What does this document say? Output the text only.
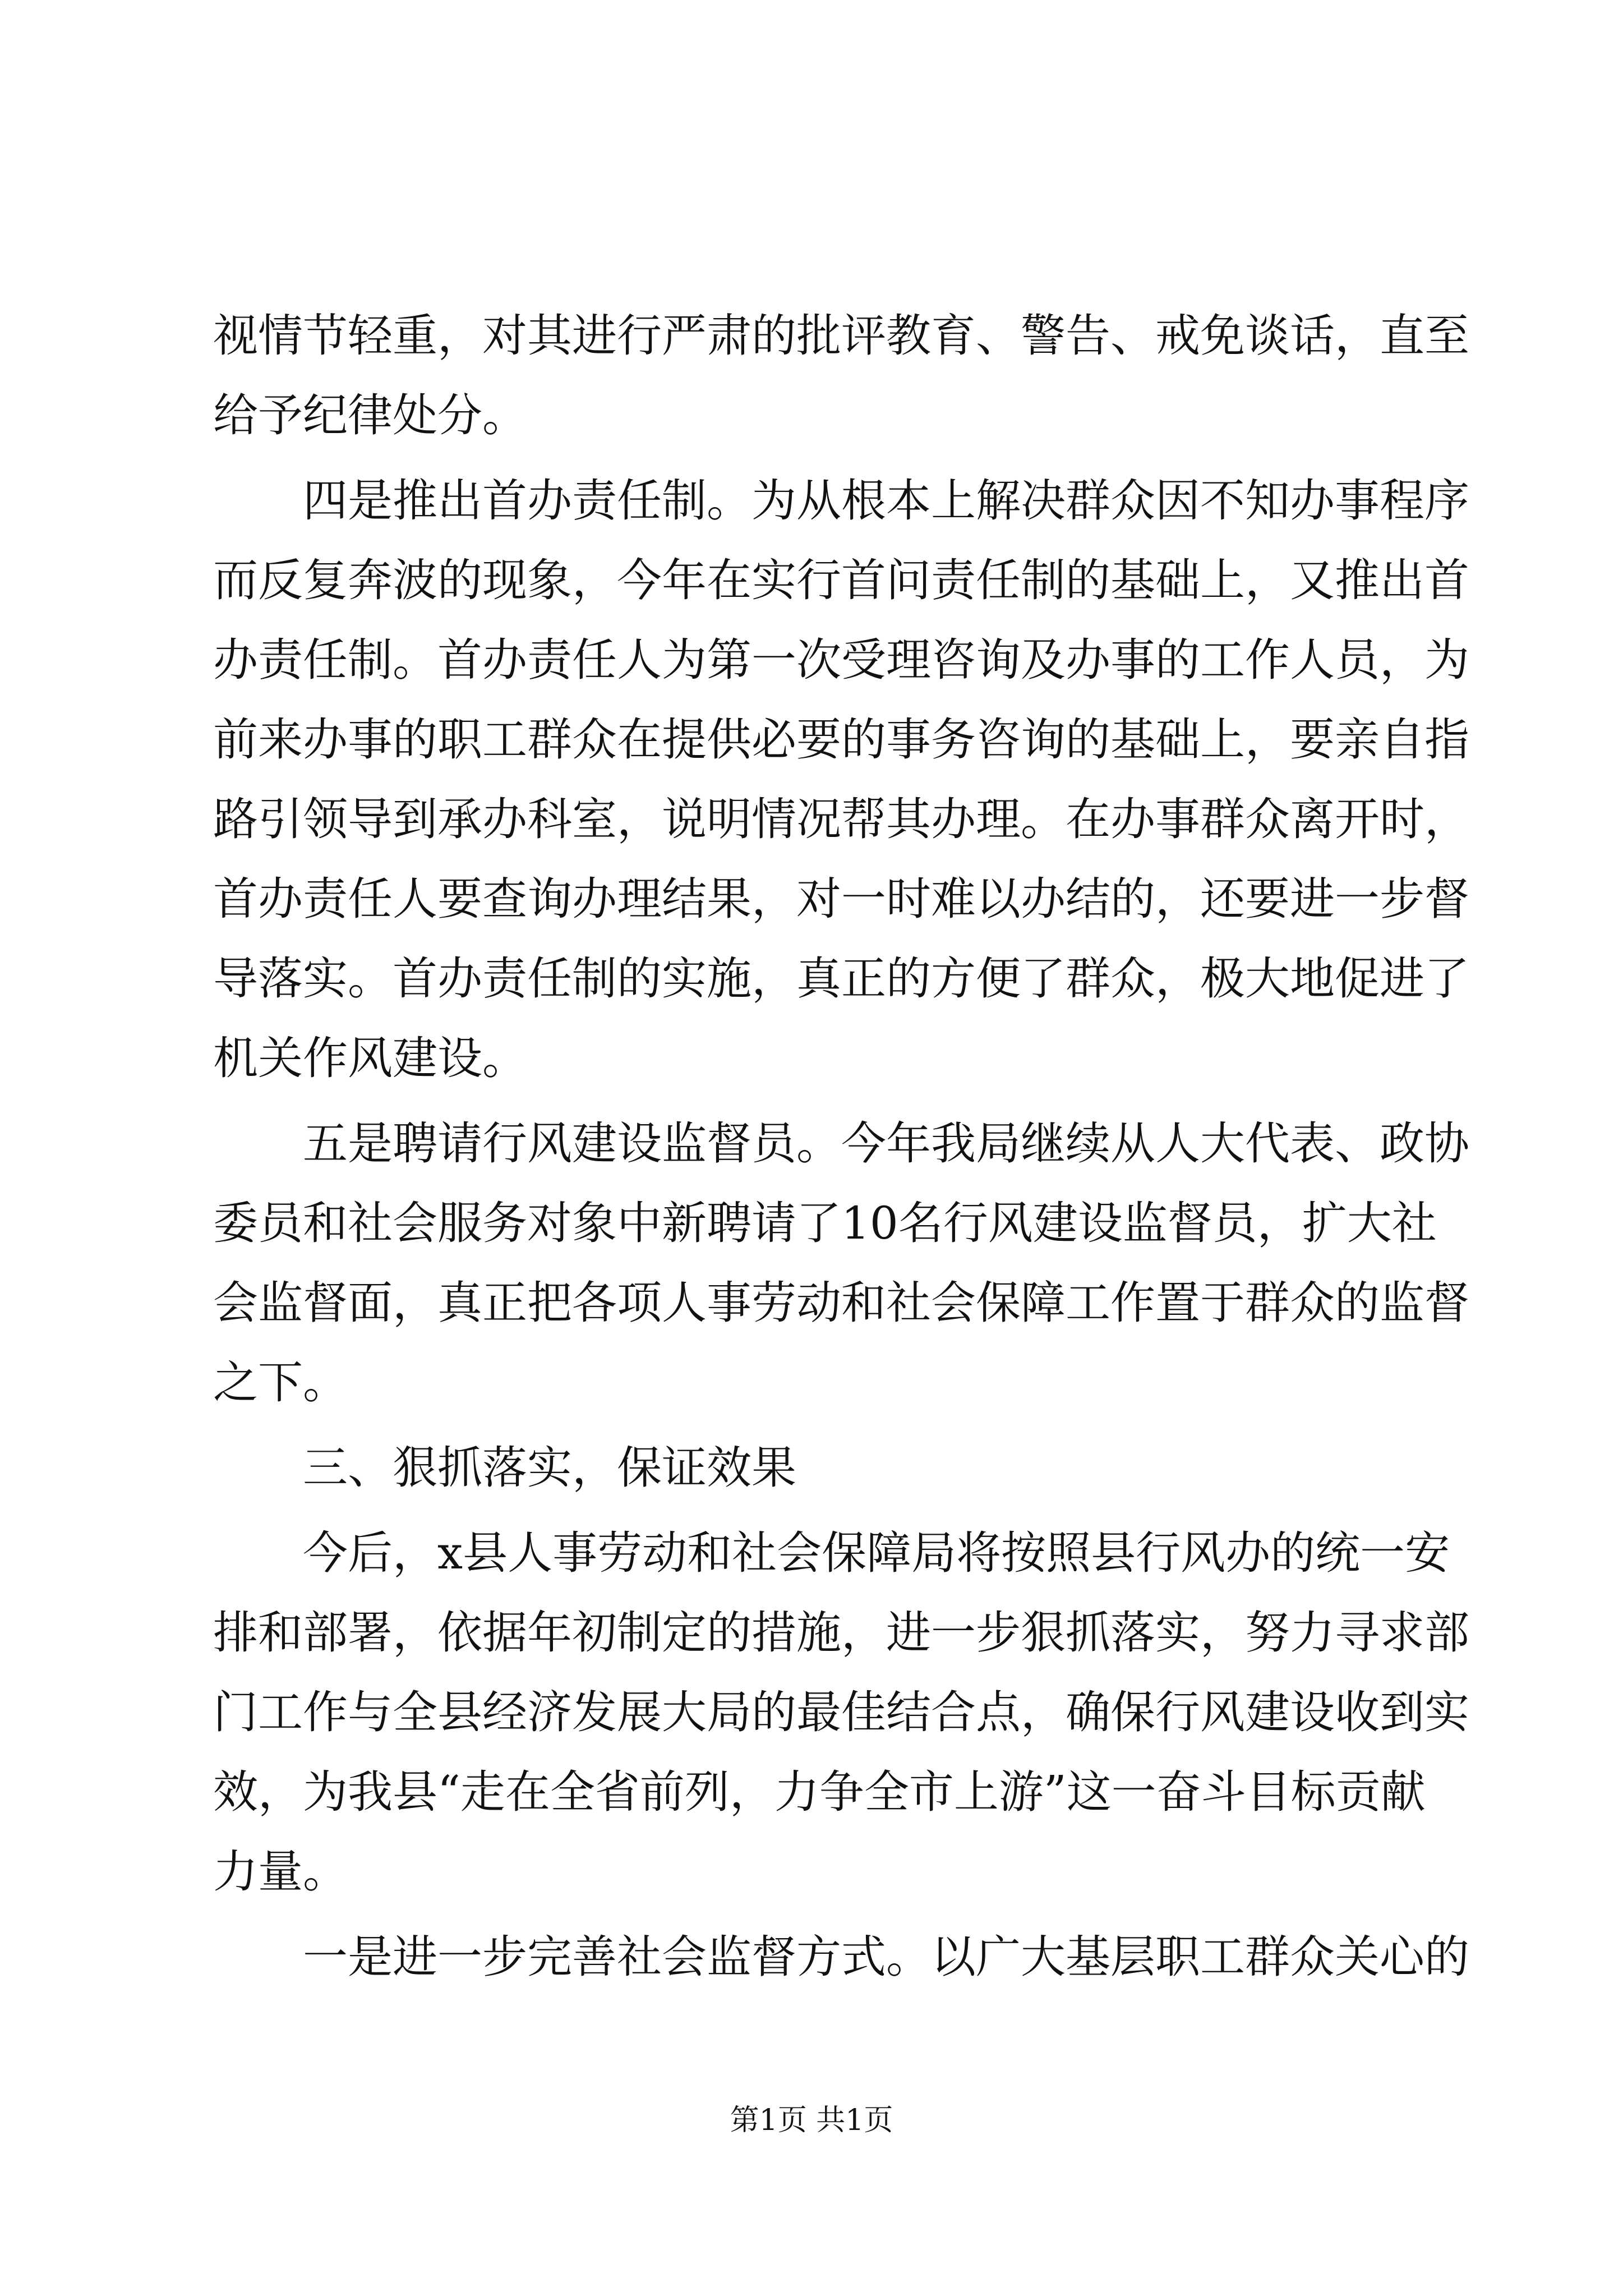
视情节轻重，对其进行严肃的批评教育、警告、戒免谈话，直至
给予纪律处分。
四是推出首办责任制。为从根本上解决群众因不知办事程序
而反复奔波的现象，今年在实行首问责任制的基础上，又推出首
办责任制。首办责任人为第一次受理咨询及办事的工作人员，为
前来办事的职工群众在提供必要的事务咨询的基础上，要亲自指
路引领导到承办科室，说明情况帮其办理。在办事群众离开时，
首办责任人要查询办理结果，对一时难以办结的，还要进一步督
导落实。首办责任制的实施，真正的方便了群众，极大地促进了
机关作风建设。
五是聘请行风建设监督员。今年我局继续从人大代表、政协
委员和社会服务对象中新聘请了10名行风建设监督员，扩大社
会监督面，真正把各项人事劳动和社会保障工作置于群众的监督
之下。
三、狠抓落实，保证效果
今后，x县人事劳动和社会保障局将按照县行风办的统一安
排和部署，依据年初制定的措施，进一步狠抓落实，努力寻求部
门工作与全县经济发展大局的最佳结合点，确保行风建设收到实
效，为我县“走在全省前列，力争全市上游”这一奋斗目标贡献
力量。
一是进一步完善社会监督方式。以广大基层职工群众关心的
第1页 共1页
